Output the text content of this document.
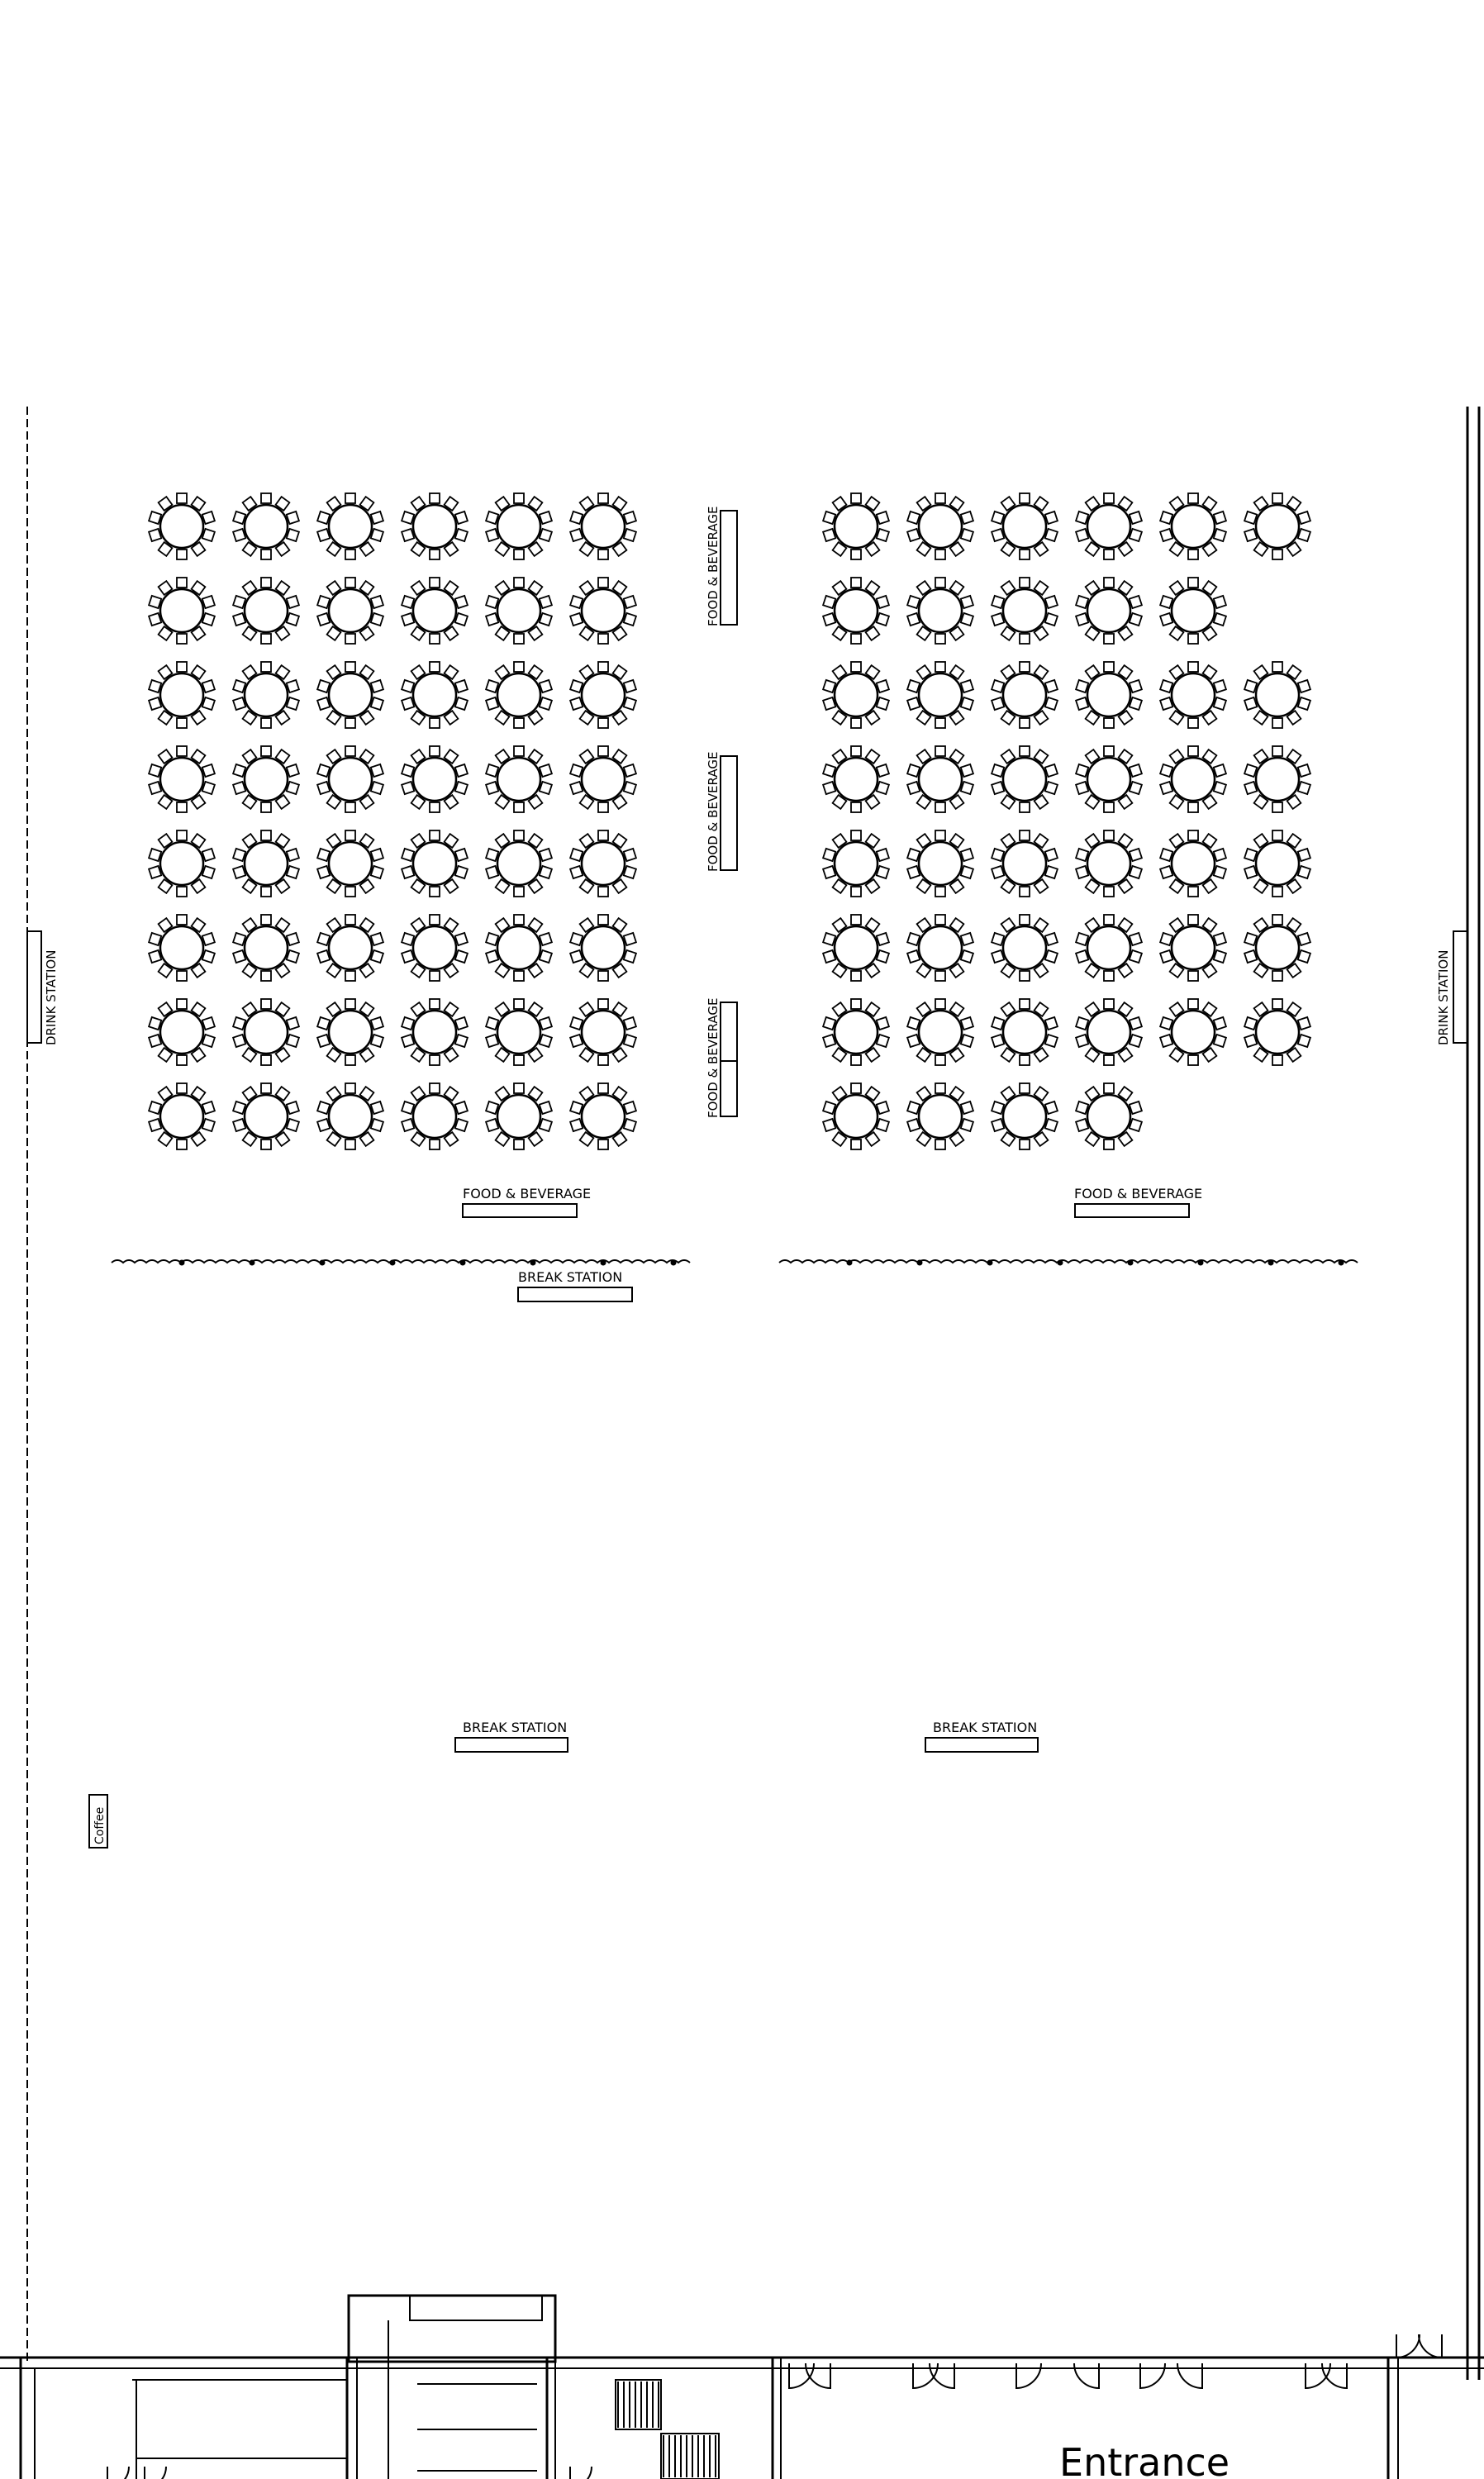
DRINK STATION	DRINK STATION
FOOD & BEVERAGE
FOOD & BEVERAGE
FOOD & BEVERAGE
FOOD & BEVERAGE	FOOD & BEVERAGE
BREAK STATION
BREAK STATION	BREAK STATION
Coffee
Entrance
